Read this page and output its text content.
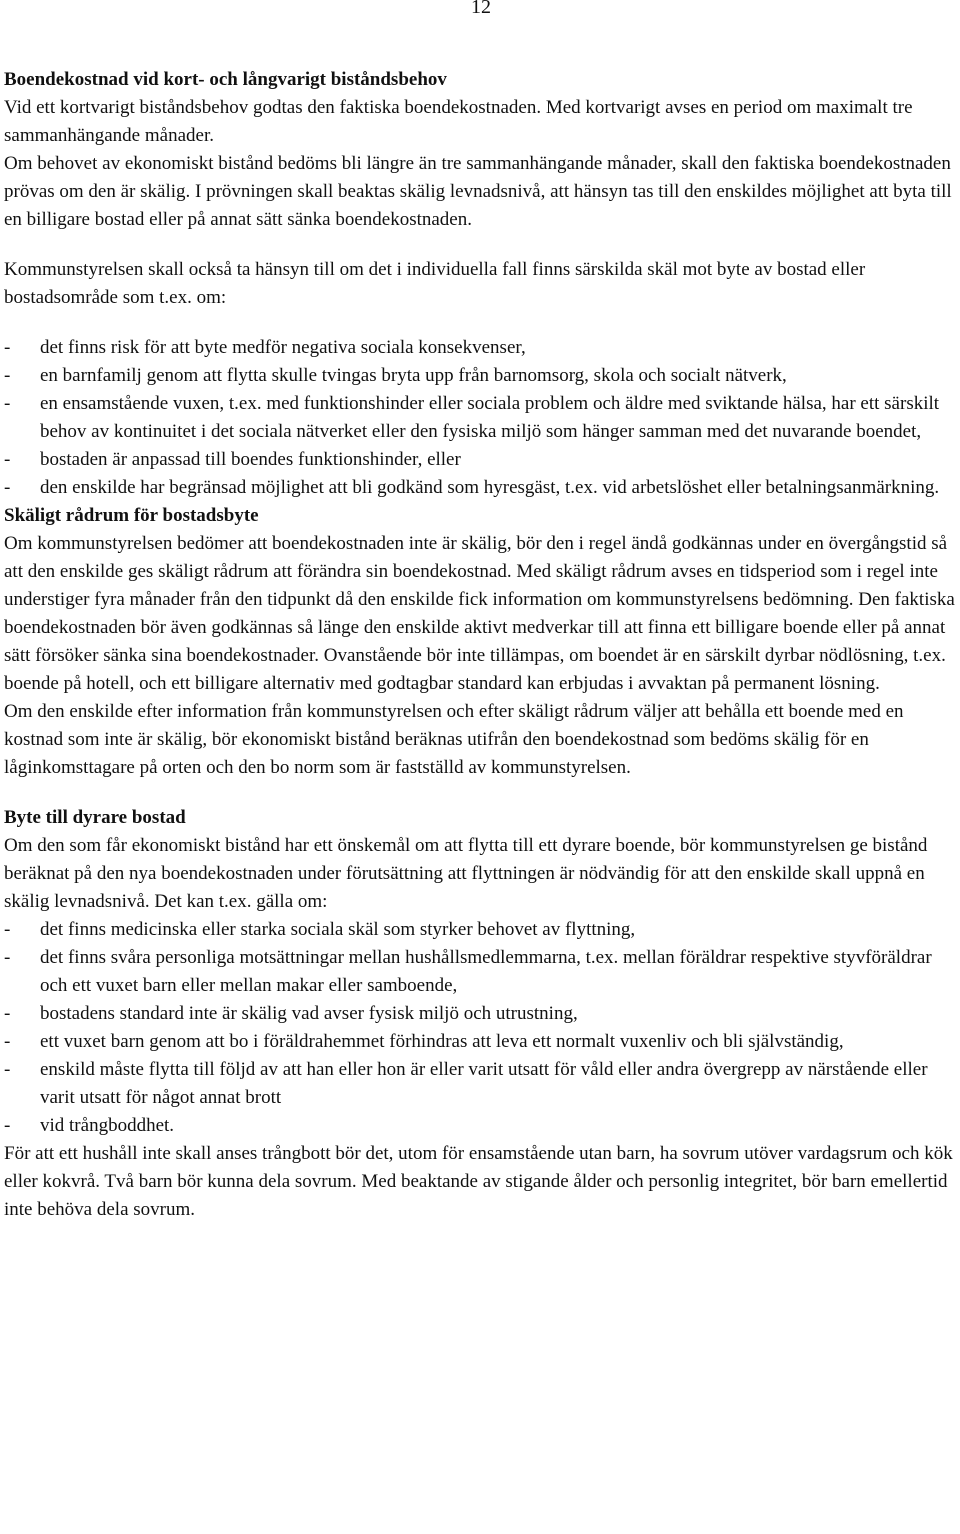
12
Boendekostnad vid kort- och långvarigt biståndsbehov

Vid ett kortvarigt biståndsbehov godtas den faktiska boendekostnaden. Med kortvarigt avses en period om maximalt tre sammanhängande månader.

Om behovet av ekonomiskt bistånd bedöms bli längre än tre sammanhängande månader, skall den faktiska boendekostnaden prövas om den är skälig. I prövningen skall beaktas skälig levnadsnivå, att hänsyn tas till den enskildes möjlighet att byta till en billigare bostad eller på annat sätt sänka boendekostnaden.

Kommunstyrelsen skall också ta hänsyn till om det i individuella fall finns särskilda skäl mot byte av bostad eller bostadsområde som t.ex. om:

- det finns risk för att byte medför negativa sociala konsekvenser,
- en barnfamilj genom att flytta skulle tvingas bryta upp från barnomsorg, skola och socialt nätverk,
- en ensamstående vuxen, t.ex. med funktionshinder eller sociala problem och äldre med sviktande hälsa, har ett särskilt behov av kontinuitet i det sociala nätverket eller den fysiska miljö som hänger samman med det nuvarande boendet,
- bostaden är anpassad till boendes funktionshinder, eller
- den enskilde har begränsad möjlighet att bli godkänd som hyresgäst, t.ex. vid arbetslöshet eller betalningsanmärkning.
Skäligt rådrum för bostadsbyte

Om kommunstyrelsen bedömer att boendekostnaden inte är skälig, bör den i regel ändå godkännas under en övergångstid så att den enskilde ges skäligt rådrum att förändra sin boendekostnad. Med skäligt rådrum avses en tidsperiod som i regel inte understiger fyra månader från den tidpunkt då den enskilde fick information om kommunstyrelsens bedömning. Den faktiska boendekostnaden bör även godkännas så länge den enskilde aktivt medverkar till att finna ett billigare boende eller på annat sätt försöker sänka sina boendekostnader. Ovanstående bör inte tillämpas, om boendet är en särskilt dyrbar nödlösning, t.ex. boende på hotell, och ett billigare alternativ med godtagbar standard kan erbjudas i avvaktan på permanent lösning.

Om den enskilde efter information från kommunstyrelsen och efter skäligt rådrum väljer att behålla ett boende med en kostnad som inte är skälig, bör ekonomiskt bistånd beräknas utifrån den boendekostnad som bedöms skälig för en låginkomsttagare på orten och den bo norm som är fastställd av kommunstyrelsen.

Byte till dyrare bostad

Om den som får ekonomiskt bistånd har ett önskemål om att flytta till ett dyrare boende, bör kommunstyrelsen ge bistånd beräknat på den nya boendekostnaden under förutsättning att flyttningen är nödvändig för att den enskilde skall uppnå en skälig levnadsnivå. Det kan t.ex. gälla om:

- det finns medicinska eller starka sociala skäl som styrker behovet av flyttning,
- det finns svåra personliga motsättningar mellan hushållsmedlemmarna, t.ex. mellan föräldrar respektive styvföräldrar och ett vuxet barn eller mellan makar eller samboende,
- bostadens standard inte är skälig vad avser fysisk miljö och utrustning,
- ett vuxet barn genom att bo i föräldrahemmet förhindras att leva ett normalt vuxenliv och bli självständig,
- enskild måste flytta till följd av att han eller hon är eller varit utsatt för våld eller andra övergrepp av närstående eller varit utsatt för något annat brott
- vid trångboddhet.

För att ett hushåll inte skall anses trångbott bör det, utom för ensamstående utan barn, ha sovrum utöver vardagsrum och kök eller kokvrå. Två barn bör kunna dela sovrum. Med beaktande av stigande ålder och personlig integritet, bör barn emellertid inte behöva dela sovrum.
